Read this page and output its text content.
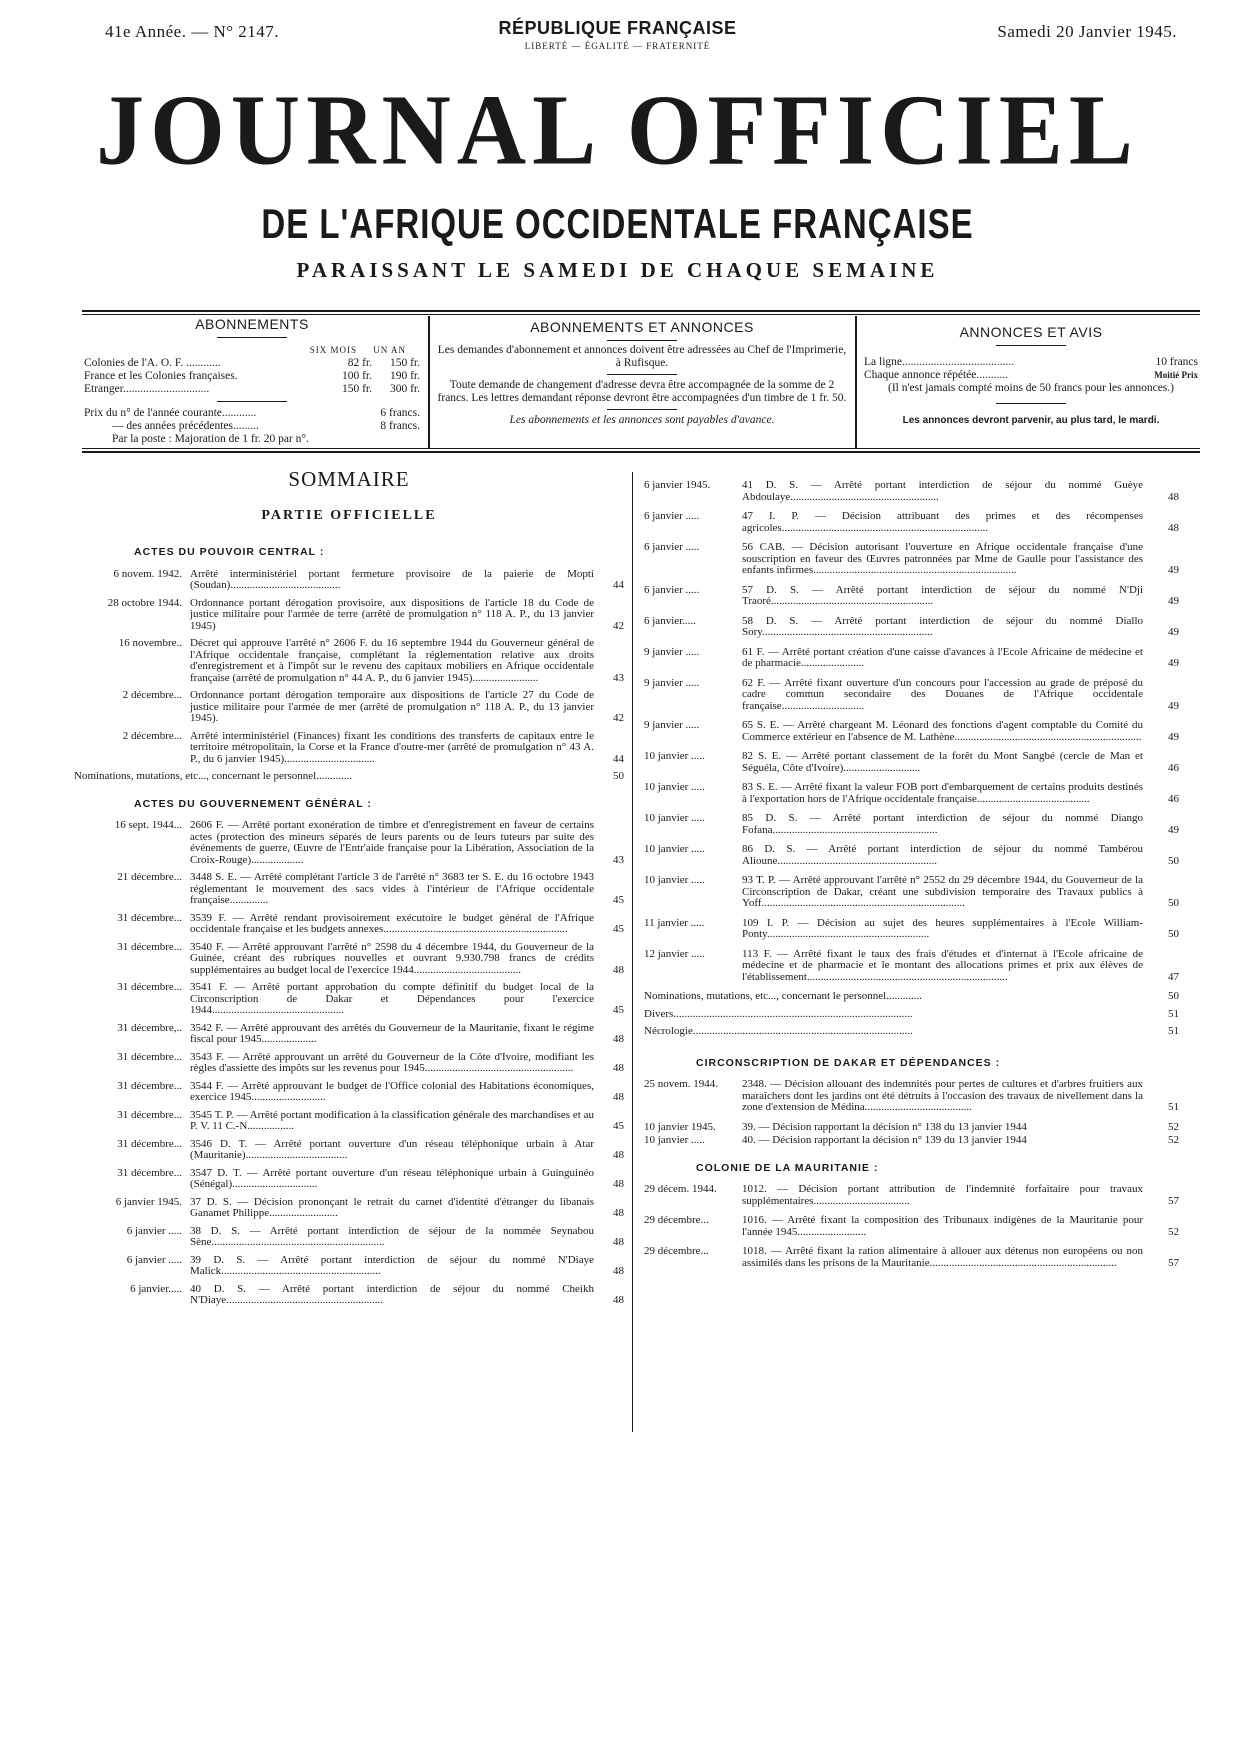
41e Année. — N° 2147.	RÉPUBLIQUE FRANÇAISE
LIBERTÉ — ÉGALITÉ — FRATERNITÉ
Samedi 20 Janvier 1945.
JOURNAL OFFICIEL
DE L'AFRIQUE OCCIDENTALE FRANÇAISE
PARAISSANT LE SAMEDI DE CHAQUE SEMAINE
ABONNEMENTS
SIX MOIS UN AN
Colonies de l'A. O. F. ............	82 fr.	150 fr.
France et les Colonies françaises.	100 fr.	190 fr.
Etranger..............................	150 fr.	300 fr.
Prix du n° de l'année courante............	6 francs.
— des années précédentes.........	8 francs.
Par la poste : Majoration de 1 fr. 20 par n°.
ABONNEMENTS ET ANNONCES
Les demandes d'abonnement et annonces doivent être adressées au Chef de l'Imprimerie, à Rufisque.
Toute demande de changement d'adresse devra être accompagnée de la somme de 2 francs. Les lettres demandant réponse devront être accompagnées d'un timbre de 1 fr. 50.
Les abonnements et les annonces sont payables d'avance.
ANNONCES ET AVIS
La ligne.......................................	10 francs
Chaque annonce répétée...........	Moitié Prix
(Il n'est jamais compté moins de 50 francs pour les annonces.)
Les annonces devront parvenir, au plus tard, le mardi.
SOMMAIRE
PARTIE OFFICIELLE
ACTES DU POUVOIR CENTRAL :
6 novem. 1942. Arrêté interministériel portant fermeture provisoire de la paierie de Mopti (Soudan)........................................	44
28 octobre 1944. Ordonnance portant dérogation provisoire, aux dispositions de l'article 18 du Code de justice militaire pour l'armée de terre (arrêté de promulgation n° 118 A. P., du 13 janvier 1945)	42
16 novembre.. Décret qui approuve l'arrêté n° 2606 F. du 16 septembre 1944 du Gouverneur général de l'Afrique occidentale française, complétant la réglementation relative aux droits d'enregistrement et à l'impôt sur le revenu des capitaux mobiliers en Afrique occidentale française (arrêté de promulgation n° 44 A. P., du 6 janvier 1945)........................	43
2 décembre... Ordonnance portant dérogation temporaire aux dispositions de l'article 27 du Code de justice militaire pour l'armée de mer (arrêté de promulgation n° 118 A. P., du 13 janvier 1945).	42
2 décembre... Arrêté interministériel (Finances) fixant les conditions des transferts de capitaux entre le territoire métropolitain, la Corse et la France d'outre-mer (arrêté de promulgation n° 43 A. P., du 6 janvier 1945).................................	44
Nominations, mutations, etc..., concernant le personnel.............	50
ACTES DU GOUVERNEMENT GÉNÉRAL :
16 sept. 1944... 2606 F. — Arrêté portant exonération de timbre et d'enregistrement en faveur de certains actes (protection des mineurs séparés de leurs parents ou de leurs tuteurs par suite des événements de guerre, Œuvre de l'Entr'aide française pour la Libération, Association de la Croix-Rouge)...................	43
21 décembre... 3448 S. E. — Arrêté complétant l'article 3 de l'arrêté n° 3683 ter S. E. du 16 octobre 1943 réglementant le mouvement des sacs vides à l'intérieur de l'Afrique occidentale française..............	45
31 décembre... 3539 F. — Arrêté rendant provisoirement exécutoire le budget général de l'Afrique occidentale française et les budgets annexes...................................................................	45
31 décembre... 3540 F. — Arrêté approuvant l'arrêté n° 2598 du 4 décembre 1944, du Gouverneur de la Guinée, créant des rubriques nouvelles et ouvrant 9.930.798 francs de crédits supplémentaires au budget local de l'exercice 1944.......................................	48
31 décembre... 3541 F. — Arrêté portant approbation du compte définitif du budget local de la Circonscription de Dakar et Dépendances pour l'exercice 1944................................................	45
31 décembre,.. 3542 F. — Arrêté approuvant des arrêtés du Gouverneur de la Mauritanie, fixant le régime fiscal pour 1945....................	48
31 décembre... 3543 F. — Arrêté approuvant un arrêté du Gouverneur de la Côte d'Ivoire, modifiant les règles d'assiette des impôts sur les revenus pour 1945......................................................	48
31 décembre... 3544 F. — Arrêté approuvant le budget de l'Office colonial des Habitations économiques, exercice 1945...........................	48
31 décembre... 3545 T. P. — Arrêté portant modification à la classification générale des marchandises et au P. V. 11 C.-N.................	45
31 décembre... 3546 D. T. — Arrêté portant ouverture d'un réseau téléphonique urbain à Atar (Mauritanie).....................................	48
31 décembre... 3547 D. T. — Arrêté portant ouverture d'un réseau téléphonique urbain à Guinguinéo (Sénégal)...............................	48
6 janvier 1945. 37 D. S. — Décision prononçant le retrait du carnet d'identité d'étranger du libanais Ganamet Philippe.........................	48
6 janvier ..... 38 D. S. — Arrêté portant interdiction de séjour de la nommée Seynabou Sène...............................................................	48
6 janvier ..... 39 D. S. — Arrêté portant interdiction de séjour du nommé N'Diaye Malick..........................................................	48
6 janvier..... 40 D. S. — Arrêté portant interdiction de séjour du nommé Cheikh N'Diaye.........................................................	48
6 janvier 1945.	41 D. S. — Arrêté portant interdiction de séjour du nommé Guèye Abdoulaye......................................................	48
6 janvier .....	47 I. P. — Décision attribuant des primes et des récompenses agricoles...........................................................................	48
6 janvier .....	56 CAB. — Décision autorisant l'ouverture en Afrique occidentale française d'une souscription en faveur des Œuvres patronnées par Mme de Gaulle pour l'assistance des enfants infirmes..........................................................................	49
6 janvier .....	57 D. S. — Arrêté portant interdiction de séjour du nommé N'Dji Traoré...........................................................	49
6 janvier.....	58 D. S. — Arrêté portant interdiction de séjour du nommé Diallo Sory..............................................................	49
9 janvier .....	61 F. — Arrêté portant création d'une caisse d'avances à l'Ecole Africaine de médecine et de pharmacie.......................	49
9 janvier .....	62 F. — Arrêté fixant ouverture d'un concours pour l'accession au grade de préposé du cadre commun secondaire des Douanes de l'Afrique occidentale française..............................	49
9 janvier .....	65 S. E. — Arrêté chargeant M. Léonard des fonctions d'agent comptable du Comité du Commerce extérieur en l'absence de M. Lathène....................................................................	49
10 janvier .....	82 S. E. — Arrêté portant classement de la forêt du Mont Sangbé (cercle de Man et Séguéla, Côte d'Ivoire)............................	46
10 janvier .....	83 S. E. — Arrêté fixant la valeur FOB port d'embarquement de certains produits destinés à l'exportation hors de l'Afrique occidentale française.........................................	46
10 janvier .....	85 D. S. — Arrêté portant interdiction de séjour du nommé Diango Fofana............................................................	49
10 janvier .....	86 D. S. — Arrêté portant interdiction de séjour du nommé Tambérou Alioune..........................................................	50
10 janvier .....	93 T. P. — Arrêté approuvant l'arrêté n° 2552 du 29 décembre 1944, du Gouverneur de la Circonscription de Dakar, créant une subdivision temporaire des Travaux publics à Yoff..........................................................................	50
11 janvier .....	109 I. P. — Décision au sujet des heures supplémentaires à l'Ecole William-Ponty...........................................................	50
12 janvier .....	113 F. — Arrêté fixant le taux des frais d'études et d'internat à l'Ecole africaine de médecine et de pharmacie et le montant des allocations primes et prix aux élèves de l'établissement.........................................................................	47
Nominations, mutations, etc..., concernant le personnel.............	50
Divers.......................................................................................	51
Nécrologie................................................................................	51
CIRCONSCRIPTION DE DAKAR ET DÉPENDANCES :
25 novem. 1944.	2348. — Décision allouant des indemnités pour pertes de cultures et d'arbres fruitiers aux maraîchers dont les jardins ont été détruits à l'occasion des travaux de nivellement dans la zone d'extension de Médina.......................................	51
10 janvier 1945.	39. — Décision rapportant la décision n° 138 du 13 janvier 1944	52
10 janvier .....	40. — Décision rapportant la décision n° 139 du 13 janvier 1944	52
COLONIE DE LA MAURITANIE :
29 décem. 1944.	1012. — Décision portant attribution de l'indemnité forfaitaire pour travaux supplémentaires...................................	57
29 décembre...	1016. — Arrêté fixant la composition des Tribunaux indigènes de la Mauritanie pour l'année 1945.........................	52
29 décembre...	1018. — Arrêté fixant la ration alimentaire à allouer aux détenus non européens ou non assimilés dans les prisons de la Mauritanie....................................................................	57
